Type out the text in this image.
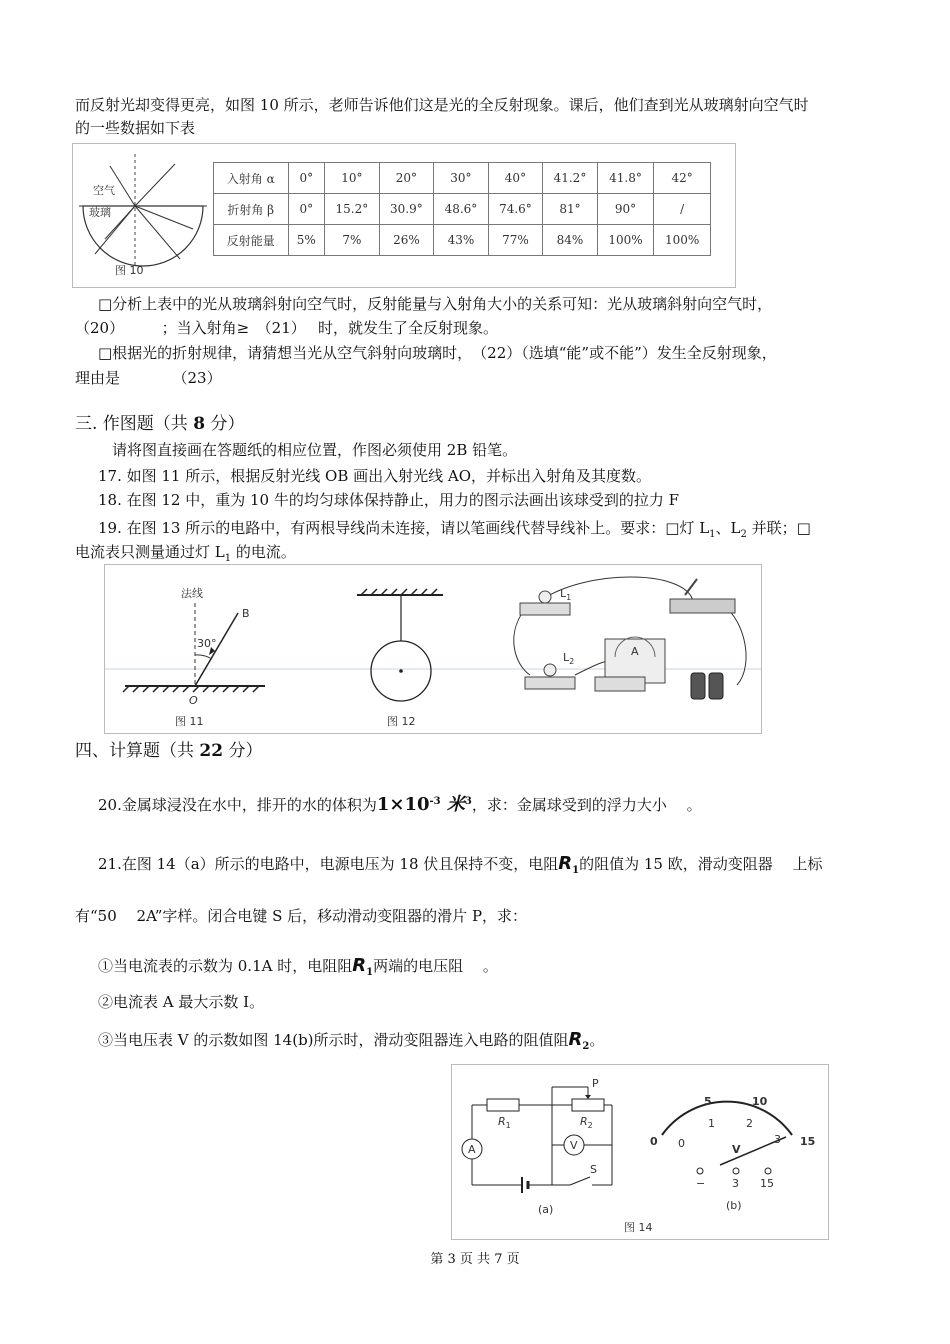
而反射光却变得更亮，如图 10 所示，老师告诉他们这是光的全反射现象。课后，他们查到光从玻璃射向空气时
的一些数据如下表
空气
玻璃
图 10
入射角 α	0°	10°	20°	30°	40°	41.2°	41.8°	42°
折射角 β	0°	15.2°	30.9°	48.6°	74.6°	81°	90°	/
反射能量	5%	7%	26%	43%	77%	84%	100%	100%
□分析上表中的光从玻璃斜射向空气时，反射能量与入射角大小的关系可知：光从玻璃斜射向空气时，
（20）　　　；当入射角≥　（21）　 时，就发生了全反射现象。
□根据光的折射规律，请猜想当光从空气斜射向玻璃时，　（22）（选填“能”或不能”）发生全反射现象，
理由是　　　　（23）
三. 作图题（共 8 分）
请将图直接画在答题纸的相应位置，作图必须使用 2B 铅笔。
17. 如图 11 所示，根据反射光线 OB 画出入射光线 AO，并标出入射角及其度数。
18. 在图 12 中，重为 10 牛的均匀球体保持静止，用力的图示法画出该球受到的拉力 F
19. 在图 13 所示的电路中，有两根导线尚未连接，请以笔画线代替导线补上。要求：□灯 $L_1$、$L_2$ 并联；□
电流表只测量通过灯 $L_1$ 的电流。
法线
B
30°
O
图 11	图 12
$L_1$
$L_2$
A
四、计算题（共 22 分）
20.金属球浸没在水中，排开的水的体积为$1\times 10^{-3}$ 米$^3$，求：金属球受到的浮力大小　 。
21.在图 14（a）所示的电路中，电源电压为 18 伏且保持不变，电阻$R_1$的阻值为 15 欧，滑动变阻器　 上标
有“50　 2A”字样。闭合电键 S 后，移动滑动变阻器的滑片 P，求：
①当电流表的示数为 0.1A 时，电阻阻$R_1$两端的电压阻　 。
②电流表 A 最大示数 I。
③当电压表 V 的示数如图 14(b)所示时，滑动变阻器连入电路的阻值阻$R_2$。
$R_1$	$R_2$
P
A	V
S
(a)
0
5	10
15
0
1	2
3
V
− 3 15
(b)
图 14
第 3 页 共 7 页
